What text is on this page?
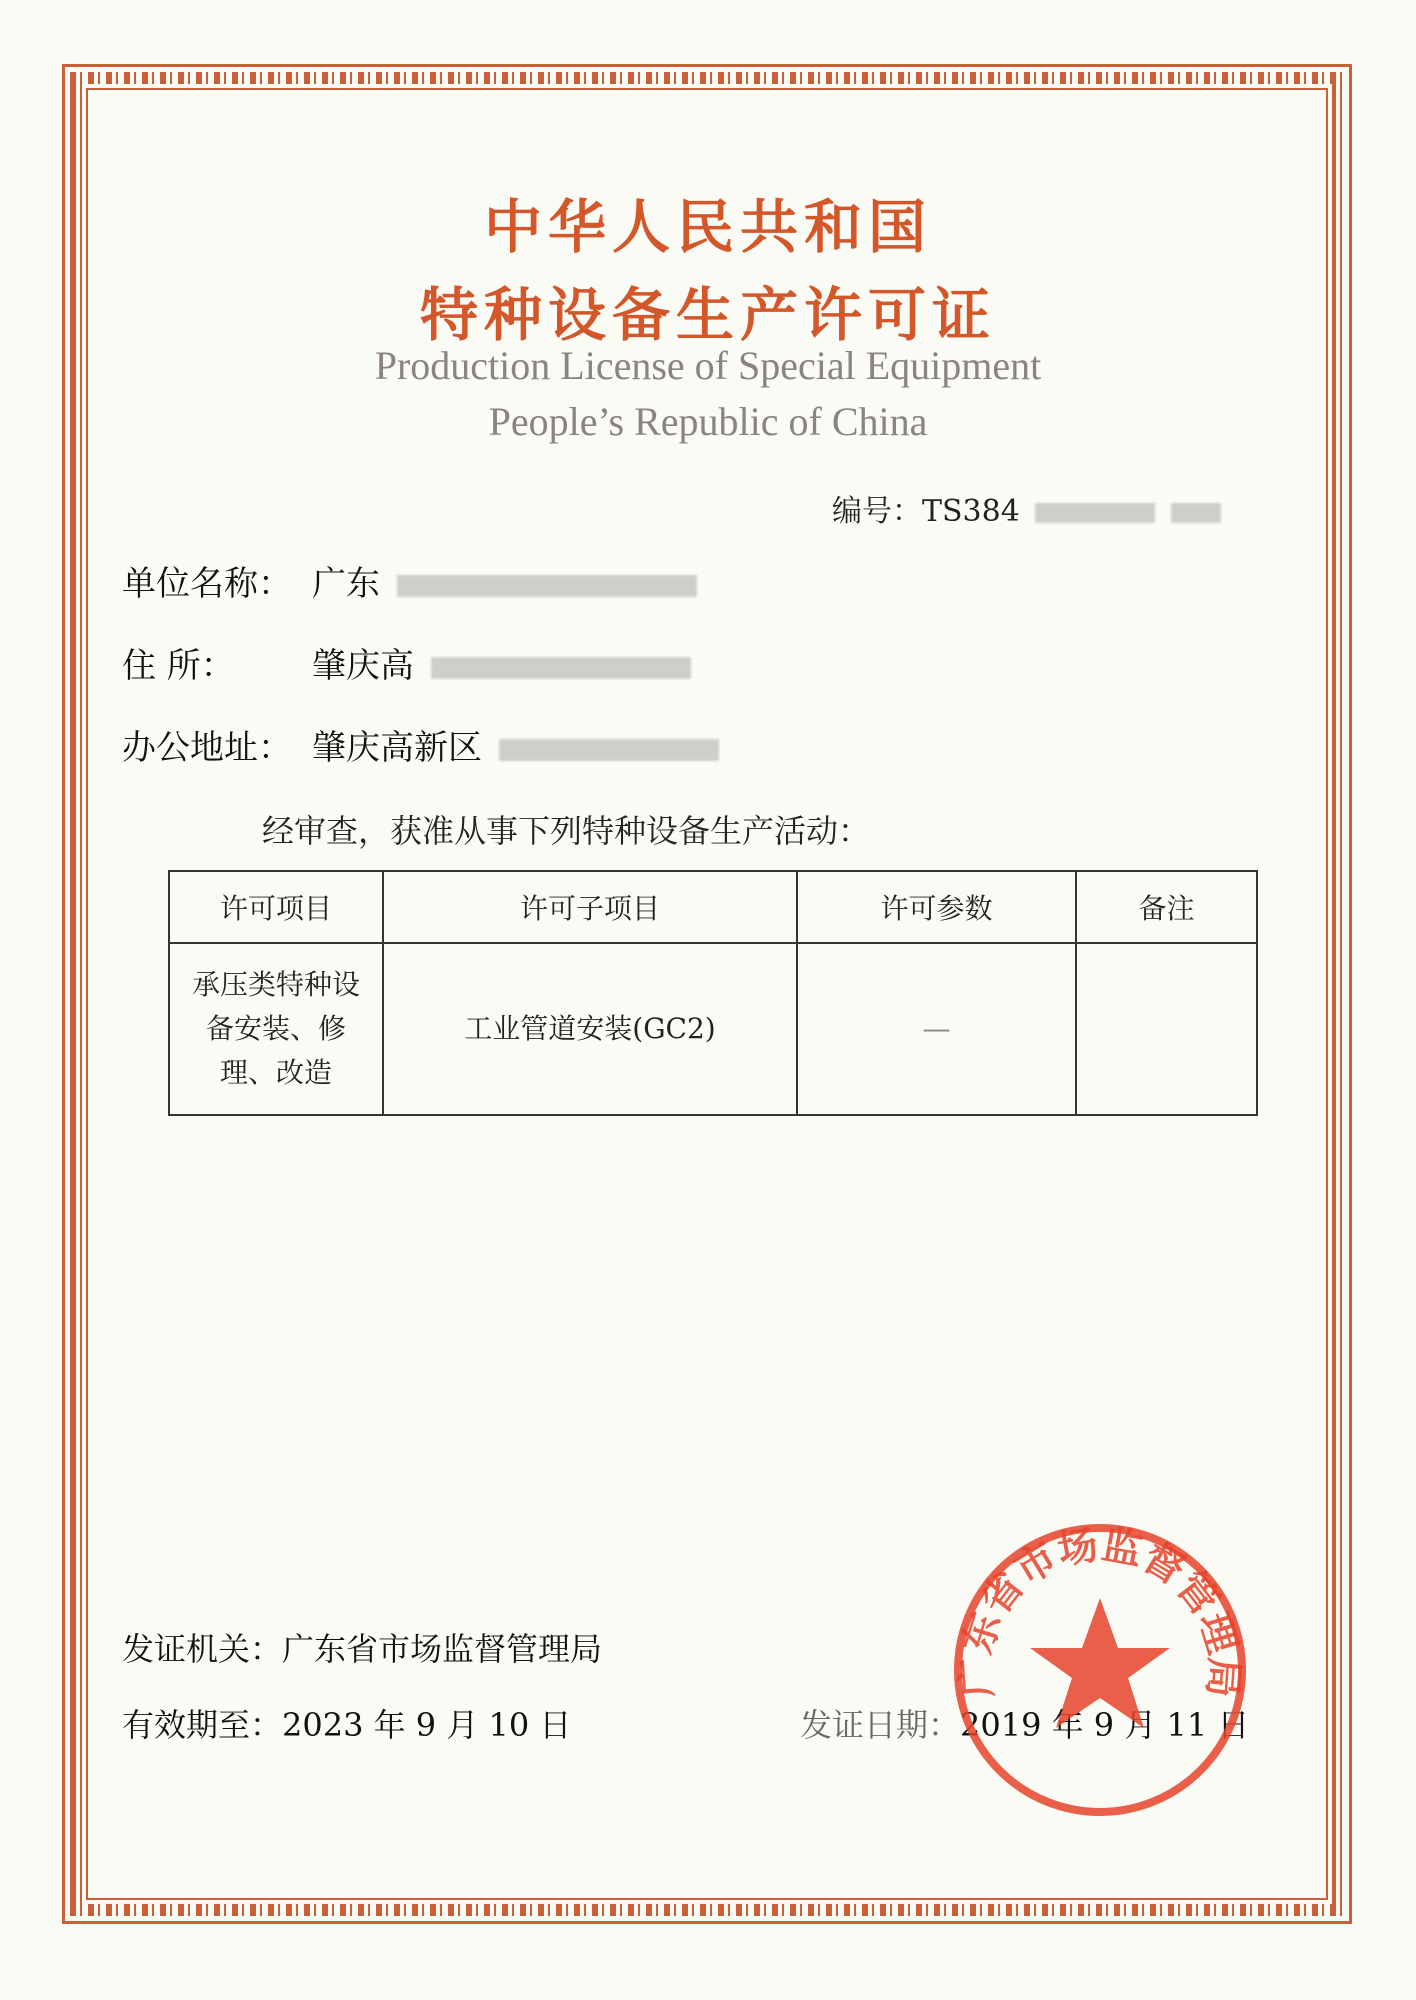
中华人民共和国
特种设备生产许可证
Production License of Special Equipment
People’s Republic of China
编号：TS384
单位名称： 广东
住 所： 肇庆高
办公地址： 肇庆高新区
经审查，获准从事下列特种设备生产活动：
许可项目	许可子项目	许可参数	备注
承压类特种设备安装、修理、改造	工业管道安装(GC2)	—	
发证机关：广东省市场监督管理局
有效期至：2023 年 9 月 10 日	发证日期：2019 年 9 月 11 日
广东省市场监督管理局
